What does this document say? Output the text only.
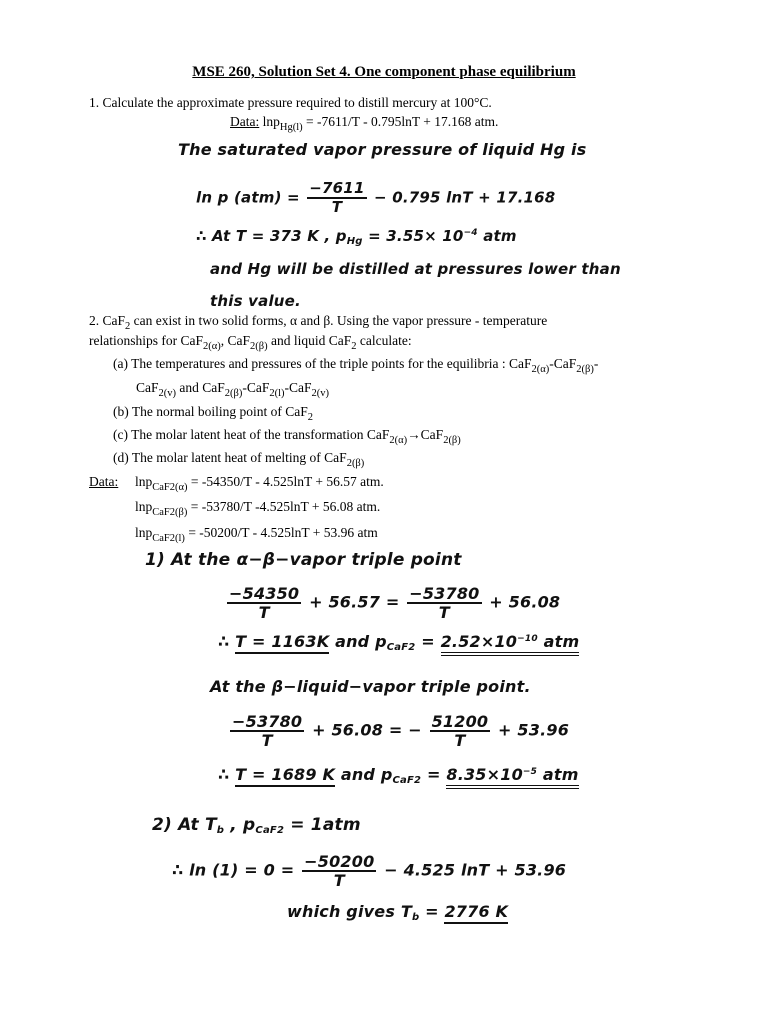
MSE 260, Solution Set 4. One component phase equilibrium
1. Calculate the approximate pressure required to distill mercury at 100°C.
Data: lnp$_{Hg(l)}$ = -7611/T - 0.795lnT + 17.168 atm.
The saturated vapor pressure of liquid Hg is
ln p $(atm) = \frac{-7611}{T} - 0.795$ lnT + 17.168
∴ At T = 373 K , $p_{Hg} = 3.55\times 10^{-4}$ atm
and Hg will be distilled at pressures lower than
this value.
2. CaF$_2$ can exist in two solid forms, α and β. Using the vapor pressure - temperature
relationships for CaF$_{2(\alpha)}$, CaF$_{2(\beta)}$ and liquid CaF$_2$ calculate:
(a) The temperatures and pressures of the triple points for the equilibria : CaF$_{2(\alpha)}$-CaF$_{2(\beta)}$-
CaF$_{2(v)}$ and CaF$_{2(\beta)}$-CaF$_{2(l)}$-CaF$_{2(v)}$
(b) The normal boiling point of CaF$_2$
(c) The molar latent heat of the transformation CaF$_{2(\alpha)}$→CaF$_{2(\beta)}$
(d) The molar latent heat of melting of CaF$_{2(\beta)}$
Data: lnp$_{CaF2(\alpha)}$ = -54350/T - 4.525lnT + 56.57 atm.
lnp$_{CaF2(\beta)}$ = -53780/T -4.525lnT + 56.08 atm.
lnp$_{CaF2(l)}$ = -50200/T - 4.525lnT + 53.96 atm
1) At the α−β−vapor triple point
$\frac{-54350}{T} + 56.57 = \frac{-53780}{T} + 56.08$
∴ T = 1163K and $p_{CaF2} = 2.52\times 10^{-10}$ atm
At the β−liquid−vapor triple point.
$\frac{-53780}{T} + 56.08$ = − $\frac{51200}{T} + 53.96$
∴ T = 1689 K and $p_{CaF2} = 8.35\times 10^{-5}$ atm
2) At $T_b$ , $p_{CaF2} = 1atm$
∴ $\ln (1) = 0 = \frac{-50200}{T} - 4.525$ lnT + 53.96
which gives $T_b = 2776$ K
